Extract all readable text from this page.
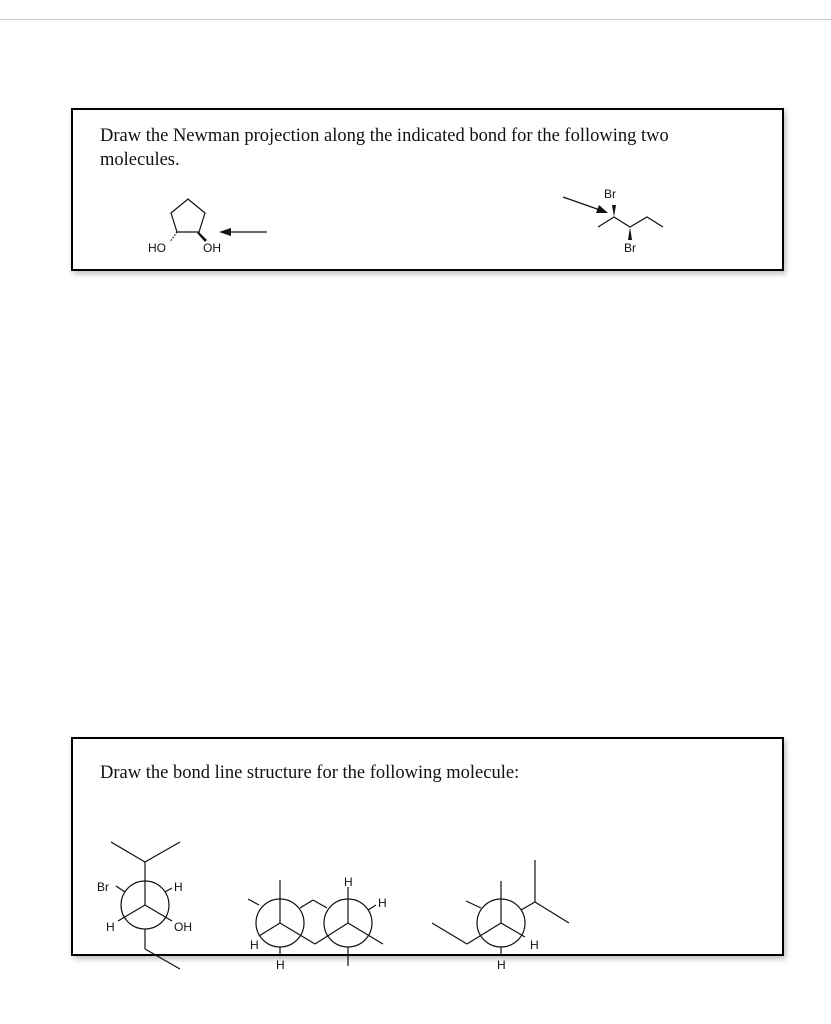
Draw the Newman projection along the indicated bond for the following two molecules.
Draw the bond line structure for the following molecule:
HO	OH
Br
Br
Br	H
H	OH
H
H
H
H
H
H
